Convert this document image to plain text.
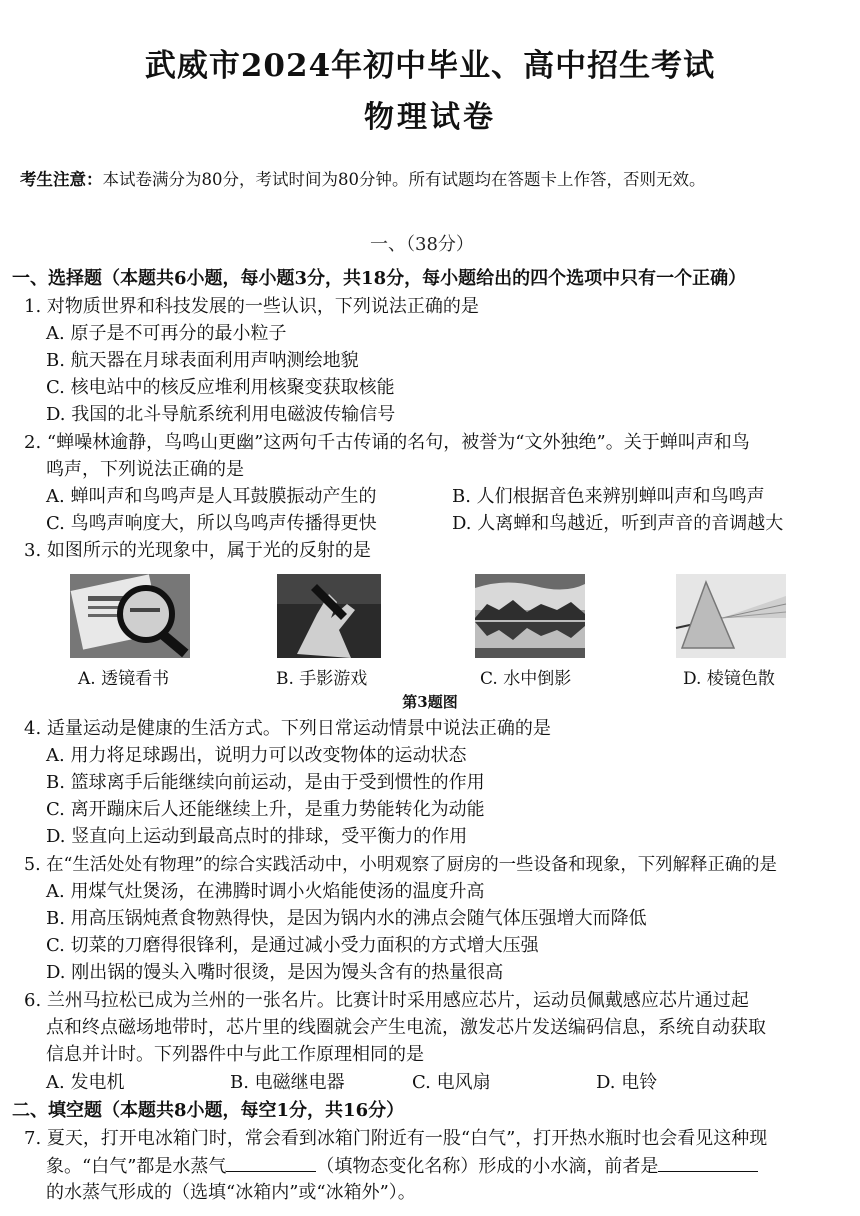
武威市2024年初中毕业、高中招生考试
物理试卷
考生注意：本试卷满分为80分，考试时间为80分钟。所有试题均在答题卡上作答，否则无效。
一、（38分）
一、选择题（本题共6小题，每小题3分，共18分，每小题给出的四个选项中只有一个正确）
1. 对物质世界和科技发展的一些认识，下列说法正确的是
A. 原子是不可再分的最小粒子
B. 航天器在月球表面利用声呐测绘地貌
C. 核电站中的核反应堆利用核聚变获取核能
D. 我国的北斗导航系统利用电磁波传输信号
2. “蝉噪林逾静，鸟鸣山更幽”这两句千古传诵的名句，被誉为“文外独绝”。关于蝉叫声和鸟
鸣声，下列说法正确的是
A. 蝉叫声和鸟鸣声是人耳鼓膜振动产生的	B. 人们根据音色来辨别蝉叫声和鸟鸣声
C. 鸟鸣声响度大，所以鸟鸣声传播得更快	D. 人离蝉和鸟越近，听到声音的音调越大
3. 如图所示的光现象中，属于光的反射的是
A. 透镜看书	B. 手影游戏	C. 水中倒影	D. 棱镜色散
第3题图
4. 适量运动是健康的生活方式。下列日常运动情景中说法正确的是
A. 用力将足球踢出，说明力可以改变物体的运动状态
B. 篮球离手后能继续向前运动，是由于受到惯性的作用
C. 离开蹦床后人还能继续上升，是重力势能转化为动能
D. 竖直向上运动到最高点时的排球，受平衡力的作用
5. 在“生活处处有物理”的综合实践活动中，小明观察了厨房的一些设备和现象，下列解释正确的是
A. 用煤气灶煲汤，在沸腾时调小火焰能使汤的温度升高
B. 用高压锅炖煮食物熟得快，是因为锅内水的沸点会随气体压强增大而降低
C. 切菜的刀磨得很锋利，是通过减小受力面积的方式增大压强
D. 刚出锅的馒头入嘴时很烫，是因为馒头含有的热量很高
6. 兰州马拉松已成为兰州的一张名片。比赛计时采用感应芯片，运动员佩戴感应芯片通过起
点和终点磁场地带时，芯片里的线圈就会产生电流，激发芯片发送编码信息，系统自动获取
信息并计时。下列器件中与此工作原理相同的是
A. 发电机	B. 电磁继电器	C. 电风扇	D. 电铃
二、填空题（本题共8小题，每空1分，共16分）
7. 夏天，打开电冰箱门时，常会看到冰箱门附近有一股“白气”，打开热水瓶时也会看见这种现
象。“白气”都是水蒸气	（填物态变化名称）形成的小水滴，前者是
的水蒸气形成的（选填“冰箱内”或“冰箱外”）。
